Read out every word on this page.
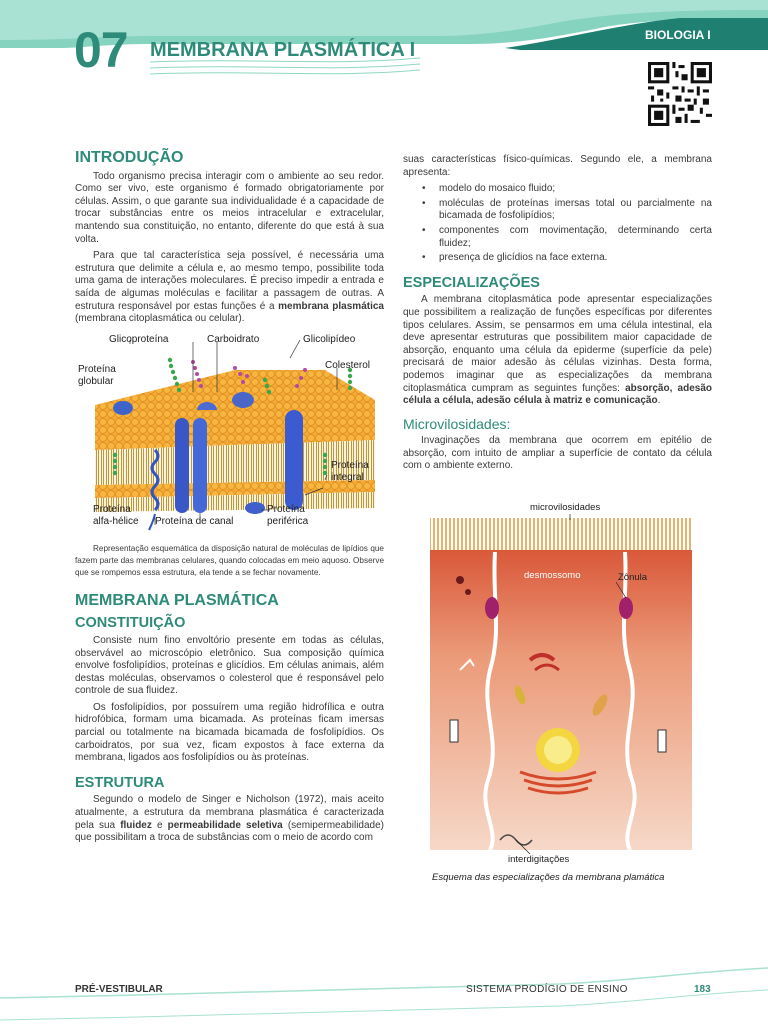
07 MEMBRANA PLASMÁTICA I
BIOLOGIA I
INTRODUÇÃO

Todo organismo precisa interagir com o ambiente ao seu redor. Como ser vivo, este organismo é formado obrigatoriamente por células. Assim, o que garante sua individualidade é a capacidade de trocar substâncias entre os meios intracelular e extracelular, mantendo sua constituição, no entanto, diferente do que está à sua volta.

Para que tal característica seja possível, é necessária uma estrutura que delimite a célula e, ao mesmo tempo, possibilite toda uma gama de interações moleculares. É preciso impedir a entrada e saída de algumas moléculas e facilitar a passagem de outras. A estrutura responsável por estas funções é a membrana plasmática (membrana citoplasmática ou celular).

Glicoproteína	Carboidrato	Glicolipídeo
Proteína
globular
Colesterol
Proteína
integral
Proteína
alfa-hélice Proteína de canal
Proteína
periférica

Representação esquemática da disposição natural de moléculas de lipídios que fazem parte das membranas celulares, quando colocadas em meio aquoso. Observe que se rompemos essa estrutura, ela tende a se fechar novamente.

MEMBRANA PLASMÁTICA
CONSTITUIÇÃO

Consiste num fino envoltório presente em todas as células, observável ao microscópio eletrônico. Sua composição química envolve fosfolipídios, proteínas e glicídios. Em células animais, além destas moléculas, observamos o colesterol que é responsável pelo controle de sua fluidez.

Os fosfolipídios, por possuírem uma região hidrofílica e outra hidrofóbica, formam uma bicamada. As proteínas ficam imersas parcial ou totalmente na bicamada bicamada de fosfolipídios. Os carboidratos, por sua vez, ficam expostos à face externa da membrana, ligados aos fosfolipídios ou às proteínas.

ESTRUTURA

Segundo o modelo de Singer e Nicholson (1972), mais aceito atualmente, a estrutura da membrana plasmática é caracterizada pela sua fluidez e permeabilidade seletiva (semipermeabilidade) que possibilitam a troca de substâncias com o meio de acordo com

suas características físico-químicas. Segundo ele, a membrana apresenta:

• modelo do mosaico fluido;
• moléculas de proteínas imersas total ou parcialmente na bicamada de fosfolipídios;
• componentes com movimentação, determinando certa fluidez;
• presença de glicídios na face externa.
ESPECIALIZAÇÕES

A membrana citoplasmática pode apresentar especializações que possibilitem a realização de funções específicas por diferentes tipos celulares. Assim, se pensarmos em uma célula intestinal, ela deve apresentar estruturas que possibilitem maior capacidade de absorção, enquanto uma célula da epiderme (superfície da pele) precisará de maior adesão às células vizinhas. Desta forma, podemos imaginar que as especializações da membrana citoplasmática cumpram as seguintes funções: absorção, adesão célula a célula, adesão célula à matriz e comunicação.

Microvilosidades:

Invaginações da membrana que ocorrem em epitélio de absorção, com intuito de ampliar a superfície de contato da célula com o ambiente externo.

microvilosidades
desmossomo	Zônula
interdigitações
Esquema das especializações da membrana plamática
PRÉ-VESTIBULAR	SISTEMA PRODÍGIO DE ENSINO	183
